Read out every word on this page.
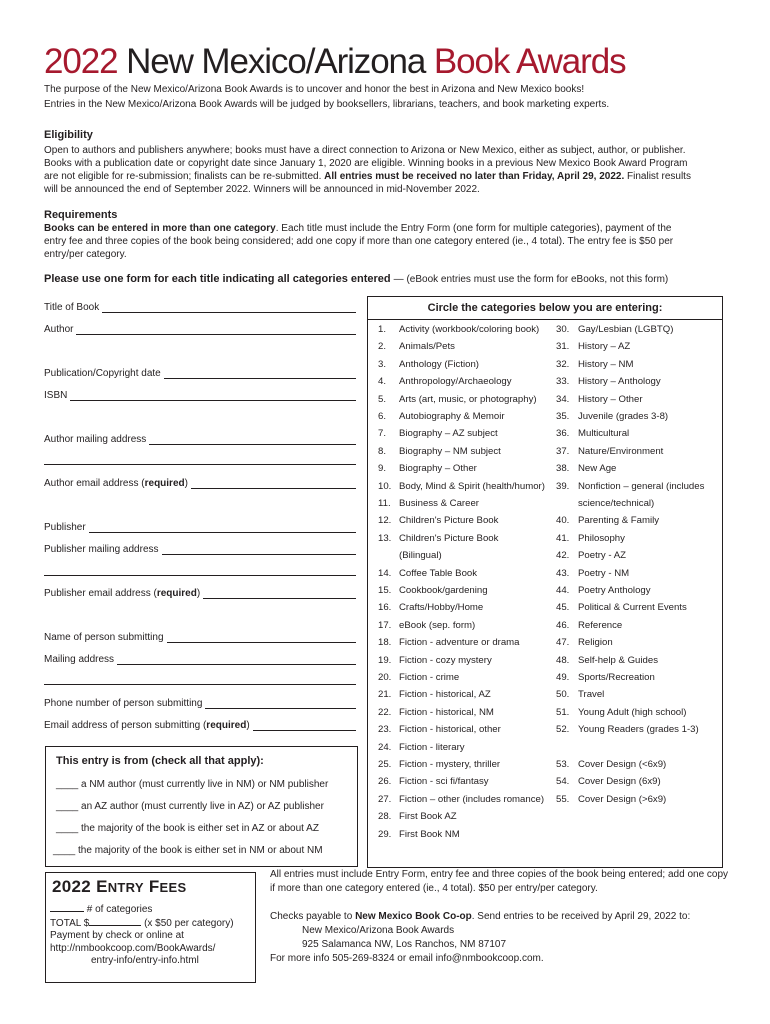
2022 New Mexico/Arizona Book Awards
The purpose of the New Mexico/Arizona Book Awards is to uncover and honor the best in Arizona and New Mexico books!
Entries in the New Mexico/Arizona Book Awards will be judged by booksellers, librarians, teachers, and book marketing experts.
Eligibility
Open to authors and publishers anywhere; books must have a direct connection to Arizona or New Mexico, either as subject, author, or publisher.
Books with a publication date or copyright date since January 1, 2020 are eligible. Winning books in a previous New Mexico Book Award Program
are not eligible for re-submission; finalists can be re-submitted. All entries must be received no later than Friday, April 29, 2022. Finalist results
will be announced the end of September 2022. Winners will be announced in mid-November 2022.
Requirements
Books can be entered in more than one category. Each title must include the Entry Form (one form for multiple categories), payment of the
entry fee and three copies of the book being considered; add one copy if more than one category entered (ie., 4 total). The entry fee is $50 per
entry/per category.
Please use one form for each title indicating all categories entered — (eBook entries must use the form for eBooks, not this form)
Title of Book
Author
Publication/Copyright date
ISBN
Author mailing address
Author email address (required)
Publisher
Publisher mailing address
Publisher email address (required)
Name of person submitting
Mailing address
Phone number of person submitting
Email address of person submitting (required)
This entry is from (check all that apply):
____ a NM author (must currently live in NM) or NM publisher
____ an AZ author (must currently live in AZ) or AZ publisher
____ the majority of the book is either set in AZ or about AZ
____ the majority of the book is either set in NM or about NM
Circle the categories below you are entering:
1. Activity (workbook/coloring book)
2. Animals/Pets
3. Anthology (Fiction)
4. Anthropology/Archaeology
5. Arts (art, music, or photography)
6. Autobiography & Memoir
7. Biography – AZ subject
8. Biography – NM subject
9. Biography – Other
10. Body, Mind & Spirit (health/humor)
11. Business & Career
12. Children's Picture Book
13. Children's Picture Book
(Bilingual)
14. Coffee Table Book
15. Cookbook/gardening
16. Crafts/Hobby/Home
17. eBook (sep. form)
18. Fiction - adventure or drama
19. Fiction - cozy mystery
20. Fiction - crime
21. Fiction - historical, AZ
22. Fiction - historical, NM
23. Fiction - historical, other
24. Fiction - literary
25. Fiction - mystery, thriller
26. Fiction - sci fi/fantasy
27. Fiction – other (includes romance)
28. First Book AZ
29. First Book NM
30. Gay/Lesbian (LGBTQ)
31. History – AZ
32. History – NM
33. History – Anthology
34. History – Other
35. Juvenile (grades 3-8)
36. Multicultural
37. Nature/Environment
38. New Age
39. Nonfiction – general (includes
science/technical)
40. Parenting & Family
41. Philosophy
42. Poetry - AZ
43. Poetry - NM
44. Poetry Anthology
45. Political & Current Events
46. Reference
47. Religion
48. Self-help & Guides
49. Sports/Recreation
50. Travel
51. Young Adult (high school)
52. Young Readers (grades 1-3)
53. Cover Design (<6x9)
54. Cover Design (6x9)
55. Cover Design (>6x9)
2022 ENTRY FEES
# of categories
TOTAL $	(x $50 per category)
Payment by check or online at
http://nmbookcoop.com/BookAwards/
entry-info/entry-info.html
All entries must include Entry Form, entry fee and three copies of the book being entered; add one copy if more than one category entered (ie., 4 total). $50 per entry/per category.
Checks payable to New Mexico Book Co-op. Send entries to be received by April 29, 2022 to:
New Mexico/Arizona Book Awards
925 Salamanca NW, Los Ranchos, NM 87107
For more info 505-269-8324 or email info@nmbookcoop.com.
